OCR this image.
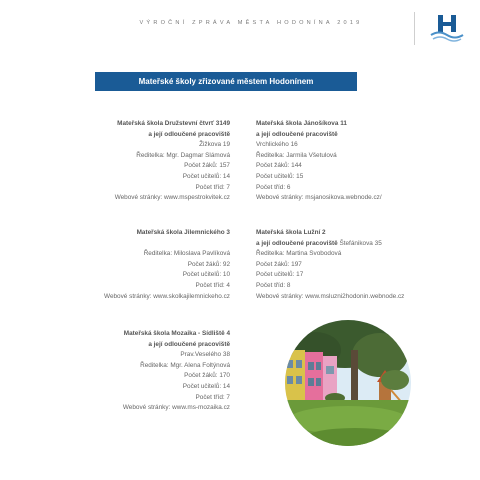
VÝROČNÍ ZPRÁVA MĚSTA HODONÍNA 2019
Mateřské školy zřizované městem Hodonínem
Mateřská škola Družstevní čtvrť 3149
a její odloučené pracoviště
Žižkova 19
Ředitelka: Mgr. Dagmar Slámová
Počet žáků: 157
Počet učitelů: 14
Počet tříd: 7
Webové stránky: www.mspestrokvitek.cz
Mateřská škola Jánošíkova 11
a její odloučené pracoviště
Vrchlického 16
Ředitelka: Jarmila Všetulová
Počet žáků: 144
Počet učitelů: 15
Počet tříd: 6
Webové stránky: msjanosikova.webnode.cz/
Mateřská škola Jilemnického 3
Ředitelka: Miloslava Pavlíková
Počet žáků: 92
Počet učitelů: 10
Počet tříd: 4
Webové stránky: www.skolkajilemnickeho.cz
Mateřská škola Lužní 2
a její odloučené pracoviště Štefánikova 35
Ředitelka: Martina Svobodová
Počet žáků: 197
Počet učitelů: 17
Počet tříd: 8
Webové stránky: www.msluzni2hodonin.webnode.cz
Mateřská škola Mozaika - Sídliště 4
a její odloučené pracoviště
Prav.Veselého 38
Ředitelka: Mgr. Alena Foltýnová
Počet žáků: 170
Počet učitelů: 14
Počet tříd: 7
Webové stránky: www.ms-mozaika.cz
